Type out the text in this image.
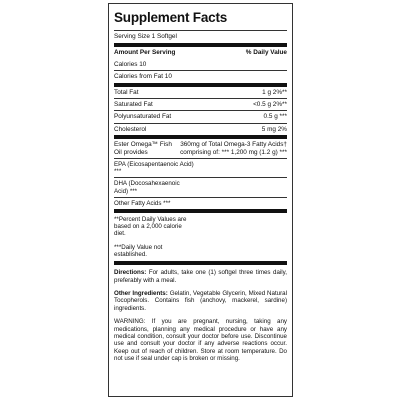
Supplement Facts
Serving Size 1 Softgel
Amount Per Serving	% Daily Value
Calories 10
Calories from Fat 10
Total Fat	1 g 2%**
Saturated Fat	<0.5 g 2%**
Polyunsaturated Fat	0.5 g ***
Cholesterol	5 mg 2%
Ester Omega™ Fish Oil provides
360mg of Total Omega-3 Fatty Acids† comprising of: *** 1,200 mg (1.2 g) ***
EPA (Eicosapentaenoic Acid) ***
DHA (Docosahexaenoic Acid) ***
Other Fatty Acids ***
**Percent Daily Values are based on a 2,000 calorie diet.
***Daily Value not established.
Directions: For adults, take one (1) softgel three times daily, preferably with a meal.
Other Ingredients: Gelatin, Vegetable Glycerin, Mixed Natural Tocopherols. Contains fish (anchovy, mackerel, sardine) ingredients.
WARNING: If you are pregnant, nursing, taking any medications, planning any medical procedure or have any medical condition, consult your doctor before use. Discontinue use and consult your doctor if any adverse reactions occur. Keep out of reach of children. Store at room temperature. Do not use if seal under cap is broken or missing.
